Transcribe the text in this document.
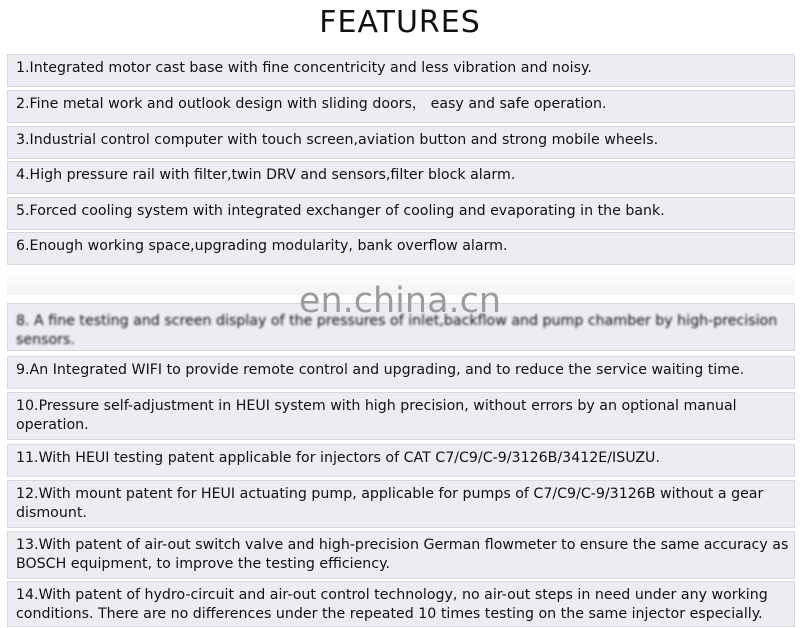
FEATURES
1.Integrated motor cast base with fine concentricity and less vibration and noisy.
2.Fine metal work and outlook design with sliding doors， easy and safe operation.
3.Industrial control computer with touch screen,aviation button and strong mobile wheels.
4.High pressure rail with filter,twin DRV and sensors,filter block alarm.
5.Forced cooling system with integrated exchanger of cooling and evaporating in the bank.
6.Enough working space,upgrading modularity, bank overflow alarm.
8. A fine testing and screen display of the pressures of inlet,backflow and pump chamber by high-precision sensors.
9.An Integrated WIFI to provide remote control and upgrading, and to reduce the service waiting time.
10.Pressure self-adjustment in HEUI system with high precision, without errors by an optional manual operation.
11.With HEUI testing patent applicable for injectors of CAT C7/C9/C-9/3126B/3412E/ISUZU.
12.With mount patent for HEUI actuating pump, applicable for pumps of C7/C9/C-9/3126B without a gear dismount.
13.With patent of air-out switch valve and high-precision German flowmeter to ensure the same accuracy as BOSCH equipment, to improve the testing efficiency.
14.With patent of hydro-circuit and air-out control technology, no air-out steps in need under any working conditions. There are no differences under the repeated 10 times testing on the same injector especially.
en.china.cn
